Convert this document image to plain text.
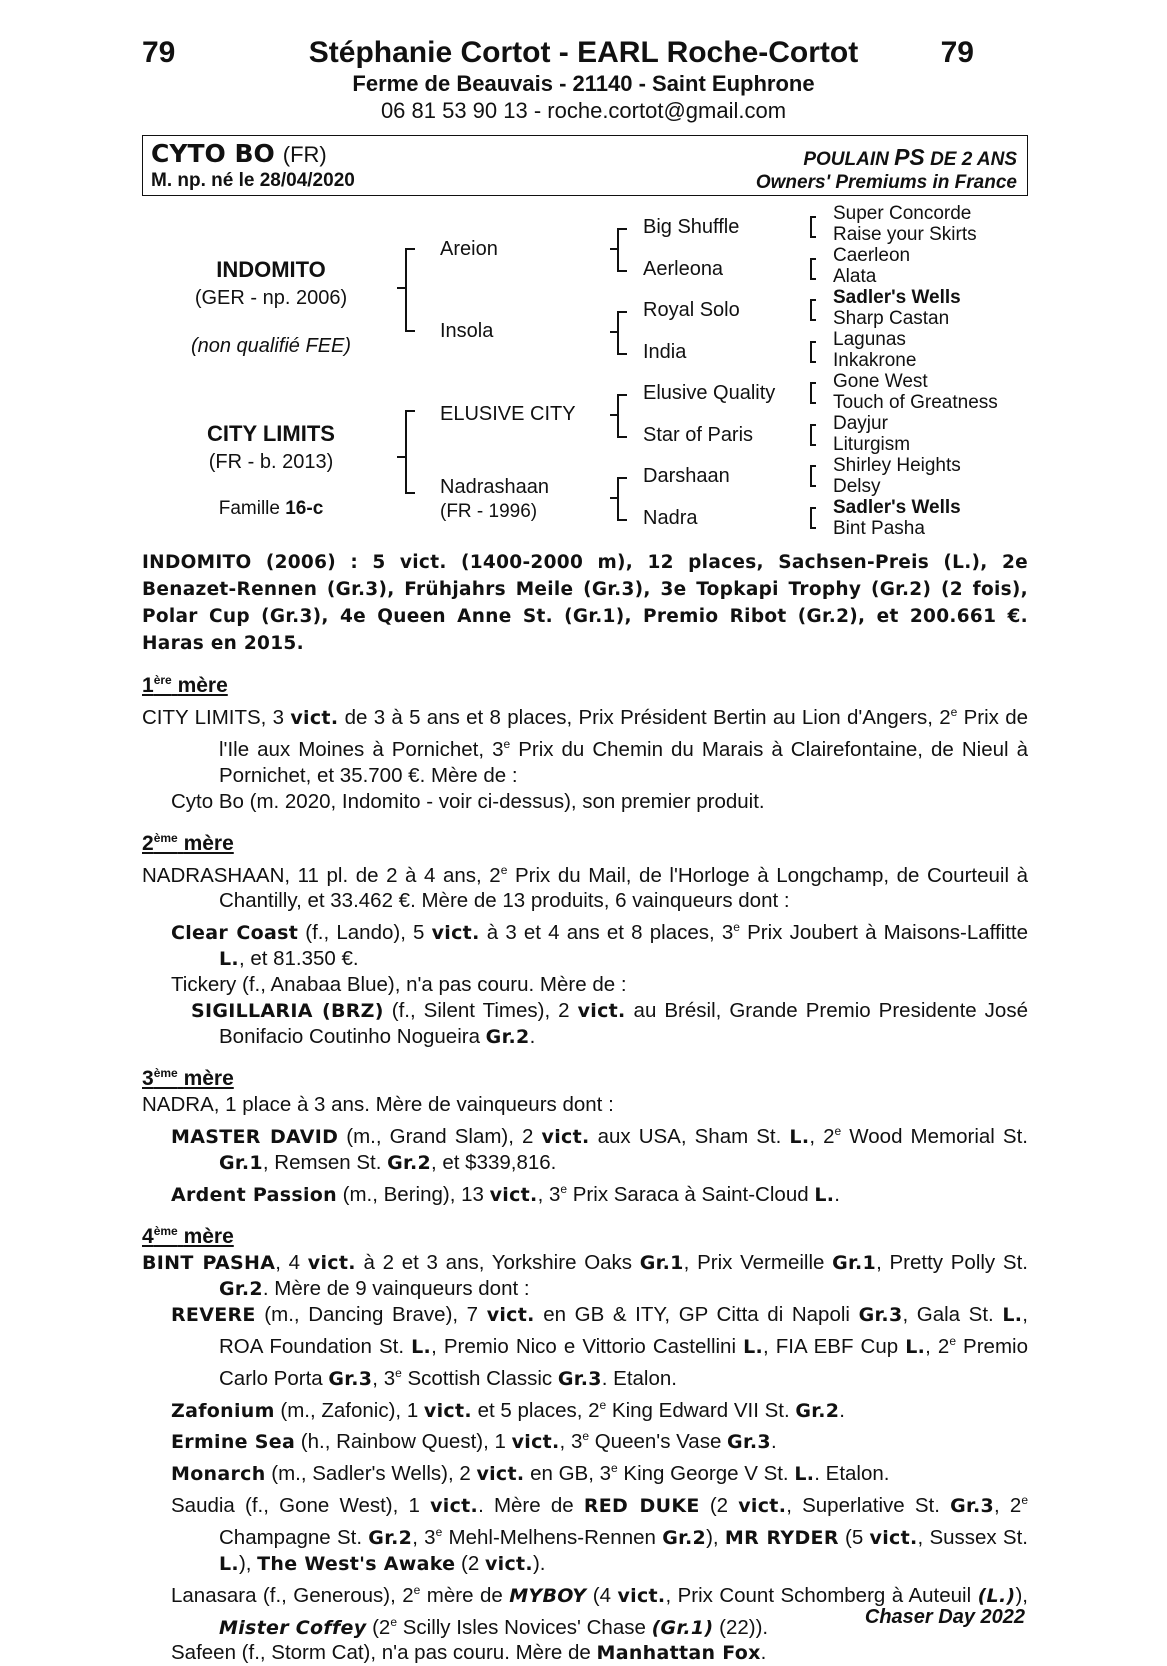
79	79
Stéphanie Cortot - EARL Roche-Cortot
Ferme de Beauvais - 21140 - Saint Euphrone
06 81 53 90 13 - roche.cortot@gmail.com
CYTO BO (FR)
M. np. né le 28/04/2020
POULAIN PS DE 2 ANS
Owners' Premiums in France
INDOMITO
(GER - np. 2006)
(non qualifié FEE)
CITY LIMITS
(FR - b. 2013)
Famille 16-c
Areion
Insola
ELUSIVE CITY
Nadrashaan
(FR - 1996)
Big Shuffle
Aerleona
Royal Solo
India
Elusive Quality
Star of Paris
Darshaan
Nadra
Super Concorde
Raise your Skirts
Caerleon
Alata
Sadler's Wells
Sharp Castan
Lagunas
Inkakrone
Gone West
Touch of Greatness
Dayjur
Liturgism
Shirley Heights
Delsy
Sadler's Wells
Bint Pasha
INDOMITO (2006) : 5 vict. (1400-2000 m), 12 places, Sachsen-Preis (L.), 2e Benazet-Rennen (Gr.3), Frühjahrs Meile (Gr.3), 3e Topkapi Trophy (Gr.2) (2 fois), Polar Cup (Gr.3), 4e Queen Anne St. (Gr.1), Premio Ribot (Gr.2), et 200.661 €. Haras en 2015.
1ère mère
CITY LIMITS, 3 vict. de 3 à 5 ans et 8 places, Prix Président Bertin au Lion d'Angers, 2e Prix de l'Ile aux Moines à Pornichet, 3e Prix du Chemin du Marais à Clairefontaine, de Nieul à Pornichet, et 35.700 €. Mère de :
Cyto Bo (m. 2020, Indomito - voir ci-dessus), son premier produit.
2ème mère
NADRASHAAN, 11 pl. de 2 à 4 ans, 2e Prix du Mail, de l'Horloge à Longchamp, de Courteuil à Chantilly, et 33.462 €. Mère de 13 produits, 6 vainqueurs dont :
Clear Coast (f., Lando), 5 vict. à 3 et 4 ans et 8 places, 3e Prix Joubert à Maisons-Laffitte L., et 81.350 €.
Tickery (f., Anabaa Blue), n'a pas couru. Mère de :
SIGILLARIA (BRZ) (f., Silent Times), 2 vict. au Brésil, Grande Premio Presidente José Bonifacio Coutinho Nogueira Gr.2.
3ème mère
NADRA, 1 place à 3 ans. Mère de vainqueurs dont :
MASTER DAVID (m., Grand Slam), 2 vict. aux USA, Sham St. L., 2e Wood Memorial St. Gr.1, Remsen St. Gr.2, et $339,816.
Ardent Passion (m., Bering), 13 vict., 3e Prix Saraca à Saint-Cloud L..
4ème mère
BINT PASHA, 4 vict. à 2 et 3 ans, Yorkshire Oaks Gr.1, Prix Vermeille Gr.1, Pretty Polly St. Gr.2. Mère de 9 vainqueurs dont :
REVERE (m., Dancing Brave), 7 vict. en GB & ITY, GP Citta di Napoli Gr.3, Gala St. L., ROA Foundation St. L., Premio Nico e Vittorio Castellini L., FIA EBF Cup L., 2e Premio Carlo Porta Gr.3, 3e Scottish Classic Gr.3. Etalon.
Zafonium (m., Zafonic), 1 vict. et 5 places, 2e King Edward VII St. Gr.2.
Ermine Sea (h., Rainbow Quest), 1 vict., 3e Queen's Vase Gr.3.
Monarch (m., Sadler's Wells), 2 vict. en GB, 3e King George V St. L.. Etalon.
Saudia (f., Gone West), 1 vict.. Mère de RED DUKE (2 vict., Superlative St. Gr.3, 2e Champagne St. Gr.2, 3e Mehl-Melhens-Rennen Gr.2), MR RYDER (5 vict., Sussex St. L.), The West's Awake (2 vict.).
Lanasara (f., Generous), 2e mère de MYBOY (4 vict., Prix Count Schomberg à Auteuil (L.)), Mister Coffey (2e Scilly Isles Novices' Chase (Gr.1) (22)).
Safeen (f., Storm Cat), n'a pas couru. Mère de Manhattan Fox.
Chaser Day 2022
